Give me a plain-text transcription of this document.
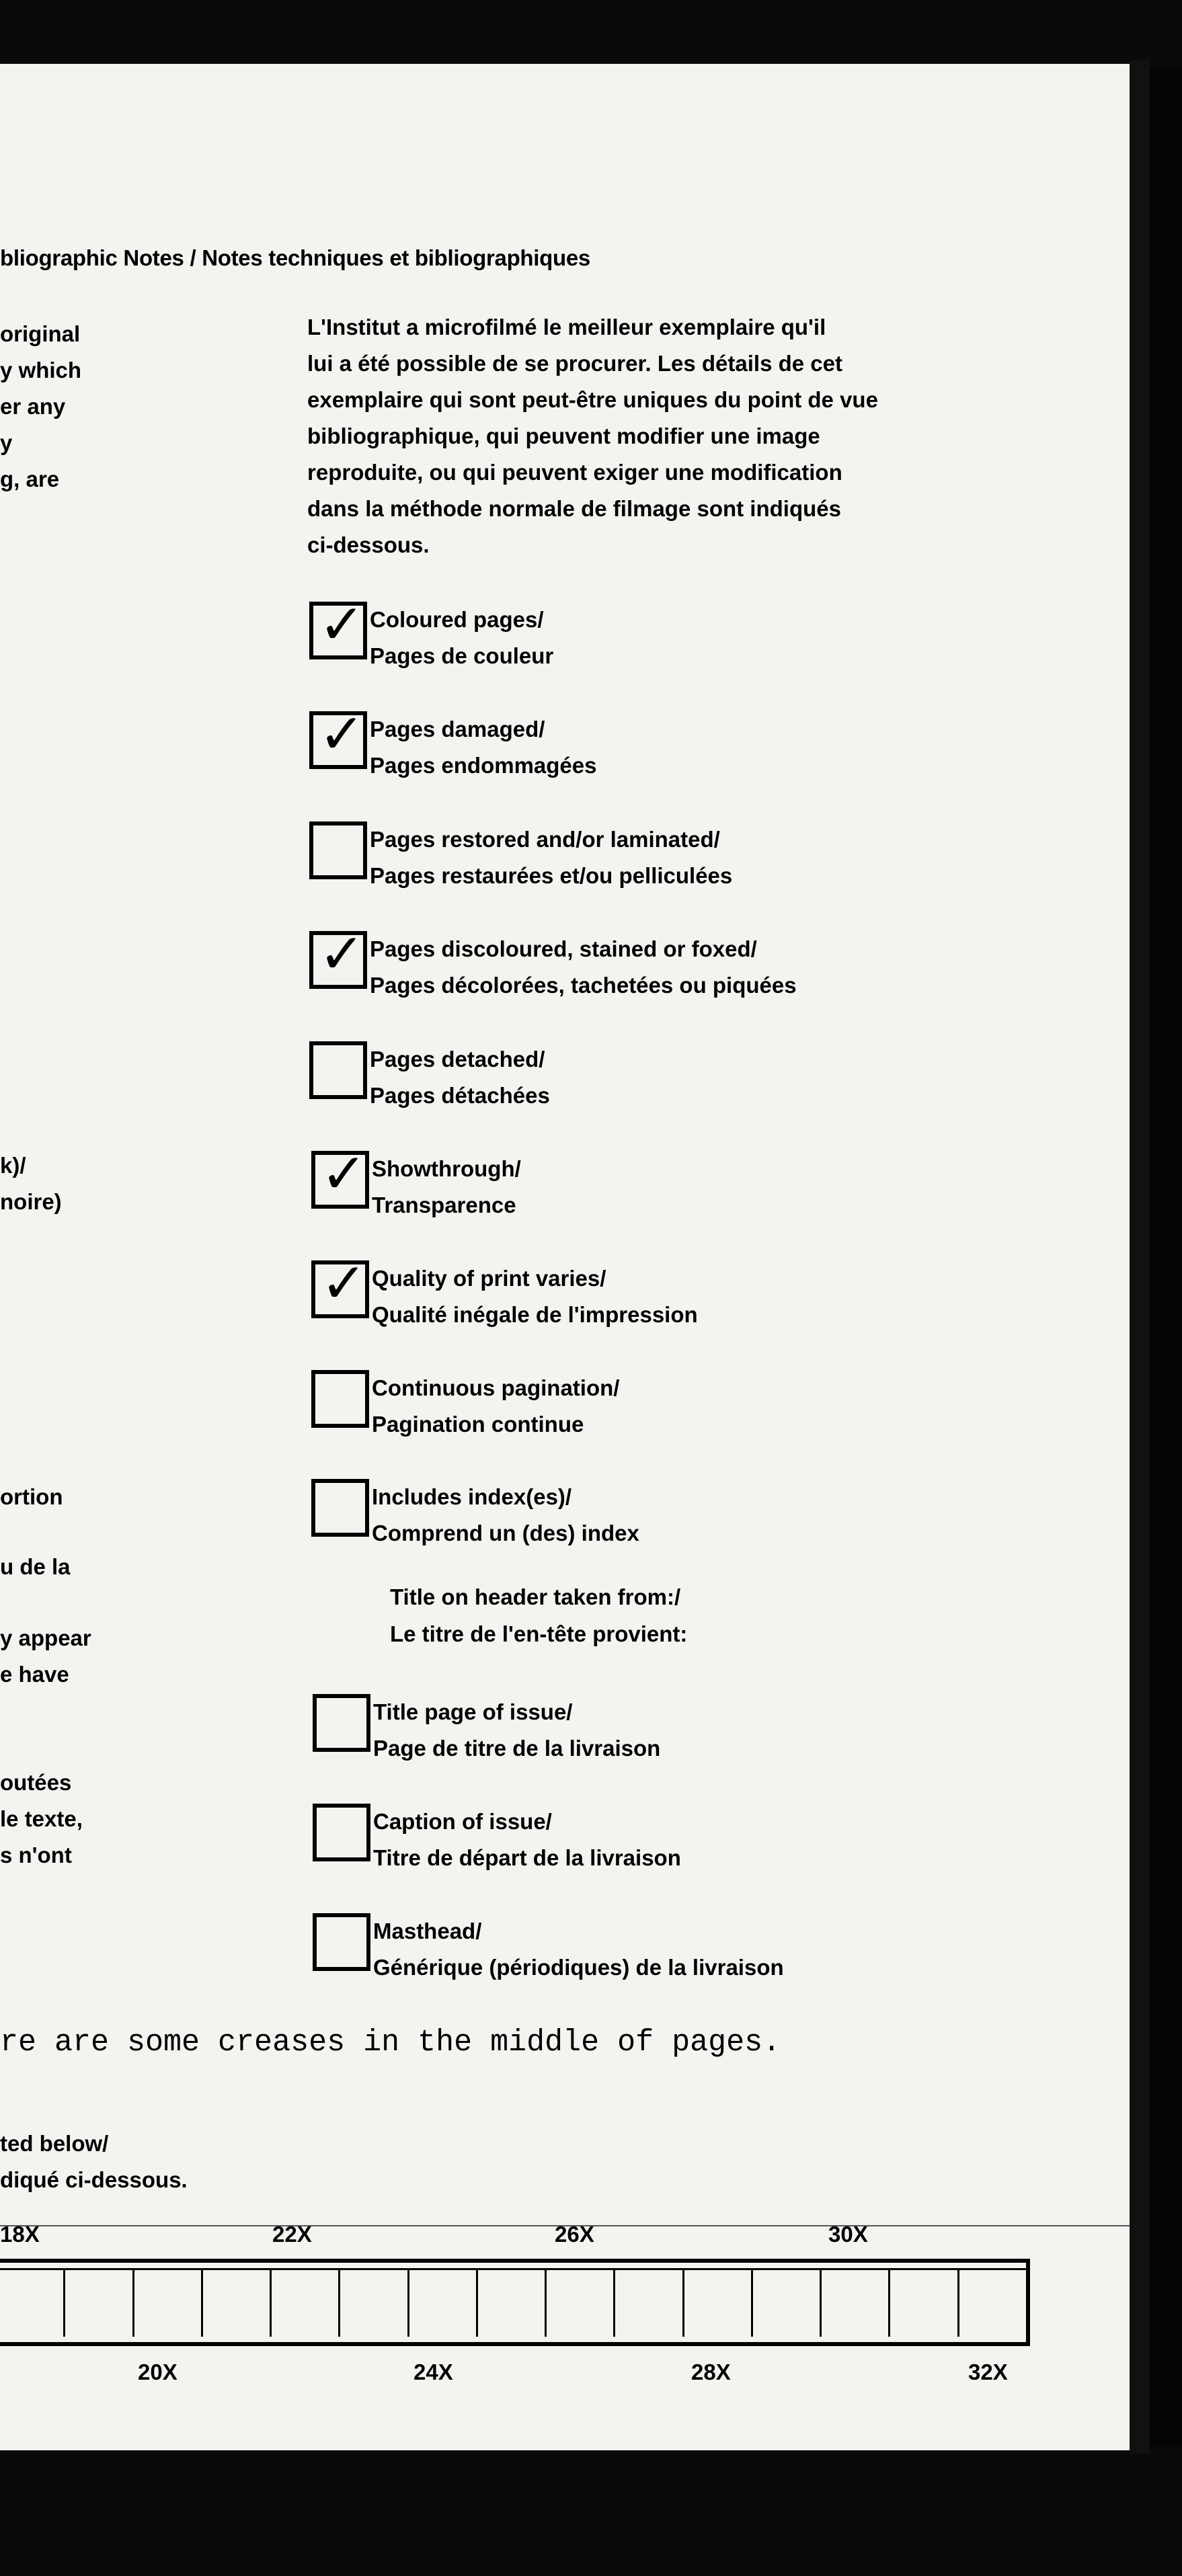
bliographic Notes / Notes techniques et bibliographiques
original
y which
er any
y
g, are
k)/
noire)
ortion
u de la
y appear
e have
outées
le texte,
s n'ont
ted below/
diqué ci-dessous.
L'Institut a microfilmé le meilleur exemplaire qu'il
lui a été possible de se procurer. Les détails de cet
exemplaire qui sont peut-être uniques du point de vue
bibliographique, qui peuvent modifier une image
reproduite, ou qui peuvent exiger une modification
dans la méthode normale de filmage sont indiqués
ci-dessous.
✓ Coloured pages/
Pages de couleur
✓ Pages damaged/
Pages endommagées
Pages restored and/or laminated/
Pages restaurées et/ou pelliculées
✓ Pages discoloured, stained or foxed/
Pages décolorées, tachetées ou piquées
Pages detached/
Pages détachées
✓ Showthrough/
Transparence
✓ Quality of print varies/
Qualité inégale de l'impression
Continuous pagination/
Pagination continue
Includes index(es)/
Comprend un (des) index
Title on header taken from:/
Le titre de l'en-tête provient:
Title page of issue/
Page de titre de la livraison
Caption of issue/
Titre de départ de la livraison
Masthead/
Générique (périodiques) de la livraison
re are some creases in the middle of pages.
18X	22X	26X	30X
20X	24X	28X	32X
